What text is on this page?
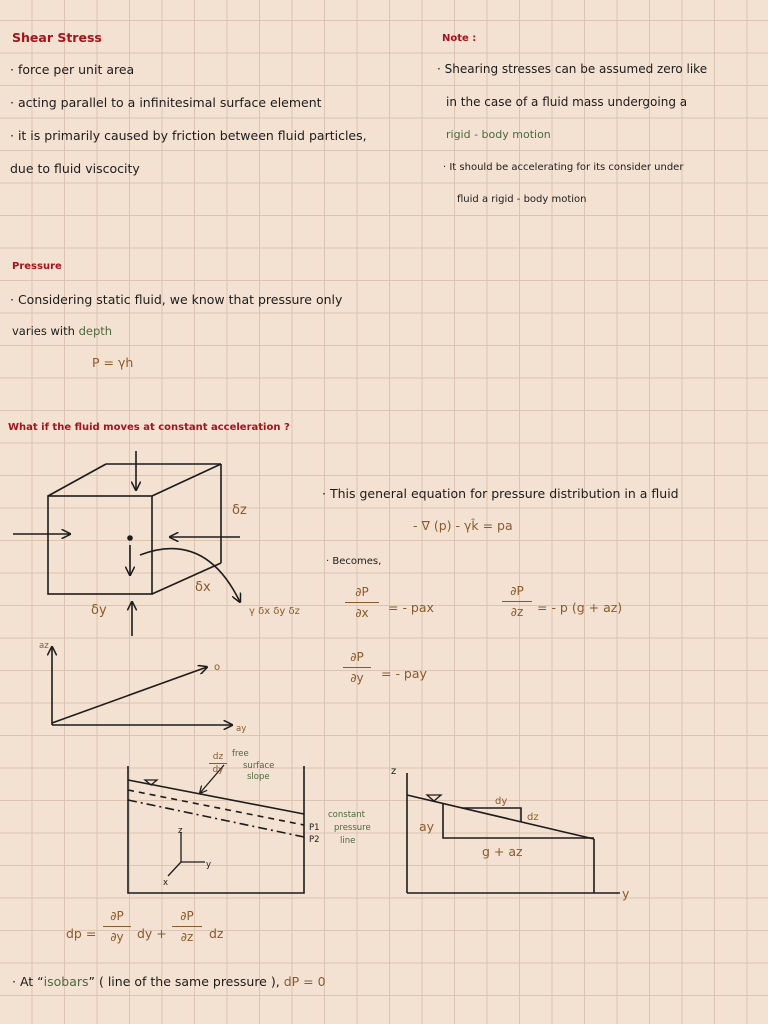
Shear Stress
· force per unit area
· acting parallel to a infinitesimal surface element
· it is primarily caused by friction between fluid particles,
due to fluid viscocity
Note :
· Shearing stresses can be assumed zero like
in the case of a fluid mass undergoing a
rigid - body motion
· It should be accelerating for its consider under
fluid a rigid - body motion
Pressure
· Considering static fluid, we know that pressure only
varies with depth
P = γh
What if the fluid moves at constant acceleration ?
δz
δx
δy	γ δx δy δz
az
ay
o
· This general equation for pressure distribution in a fluid
- ∇ (p) - γk̂ = pa
· Becomes,
∂P
∂x	= - pax
∂P
∂z	= - p (g + az)
∂P
∂y	= - pay
free
surface
slope
dz
dy
P1
P2
constant
pressure
line
z
y
x
z
y
dy
dz
ay
g + az
dp =
∂P
∂y	dy +
∂P
∂z	dz
· At “isobars” ( line of the same pressure ), dP = 0
